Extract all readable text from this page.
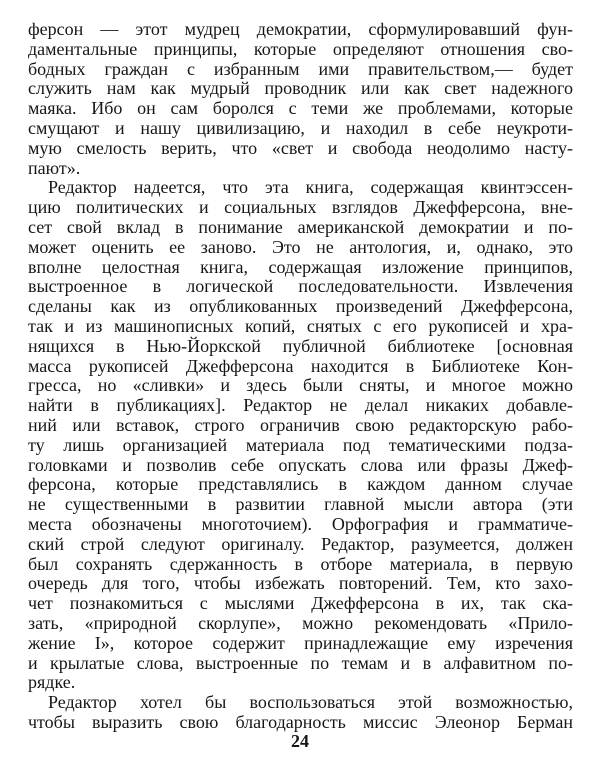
ферсон — этот мудрец демократии, сформулировавший фун-
даментальные принципы, которые определяют отношения сво-
бодных граждан с избранным ими правительством,— будет
служить нам как мудрый проводник или как свет надежного
маяка. Ибо он сам боролся с теми же проблемами, которые
смущают и нашу цивилизацию, и находил в себе неукроти-
мую смелость верить, что «свет и свобода неодолимо насту-
пают».
Редактор надеется, что эта книга, содержащая квинтэссен-
цию политических и социальных взглядов Джефферсона, вне-
сет свой вклад в понимание американской демократии и по-
может оценить ее заново. Это не антология, и, однако, это
вполне целостная книга, содержащая изложение принципов,
выстроенное в логической последовательности. Извлечения
сделаны как из опубликованных произведений Джефферсона,
так и из машинописных копий, снятых с его рукописей и хра-
нящихся в Нью-Йоркской публичной библиотеке [основная
масса рукописей Джефферсона находится в Библиотеке Кон-
гресса, но «сливки» и здесь были сняты, и многое можно
найти в публикациях]. Редактор не делал никаких добавле-
ний или вставок, строго ограничив свою редакторскую рабо-
ту лишь организацией материала под тематическими подза-
головками и позволив себе опускать слова или фразы Джеф-
ферсона, которые представлялись в каждом данном случае
не существенными в развитии главной мысли автора (эти
места обозначены многоточием). Орфография и грамматиче-
ский строй следуют оригиналу. Редактор, разумеется, должен
был сохранять сдержанность в отборе материала, в первую
очередь для того, чтобы избежать повторений. Тем, кто захо-
чет познакомиться с мыслями Джефферсона в их, так ска-
зать, «природной скорлупе», можно рекомендовать «Прило-
жение I», которое содержит принадлежащие ему изречения
и крылатые слова, выстроенные по темам и в алфавитном по-
рядке.
Редактор хотел бы воспользоваться этой возможностью,
чтобы выразить свою благодарность миссис Элеонор Берман
24
